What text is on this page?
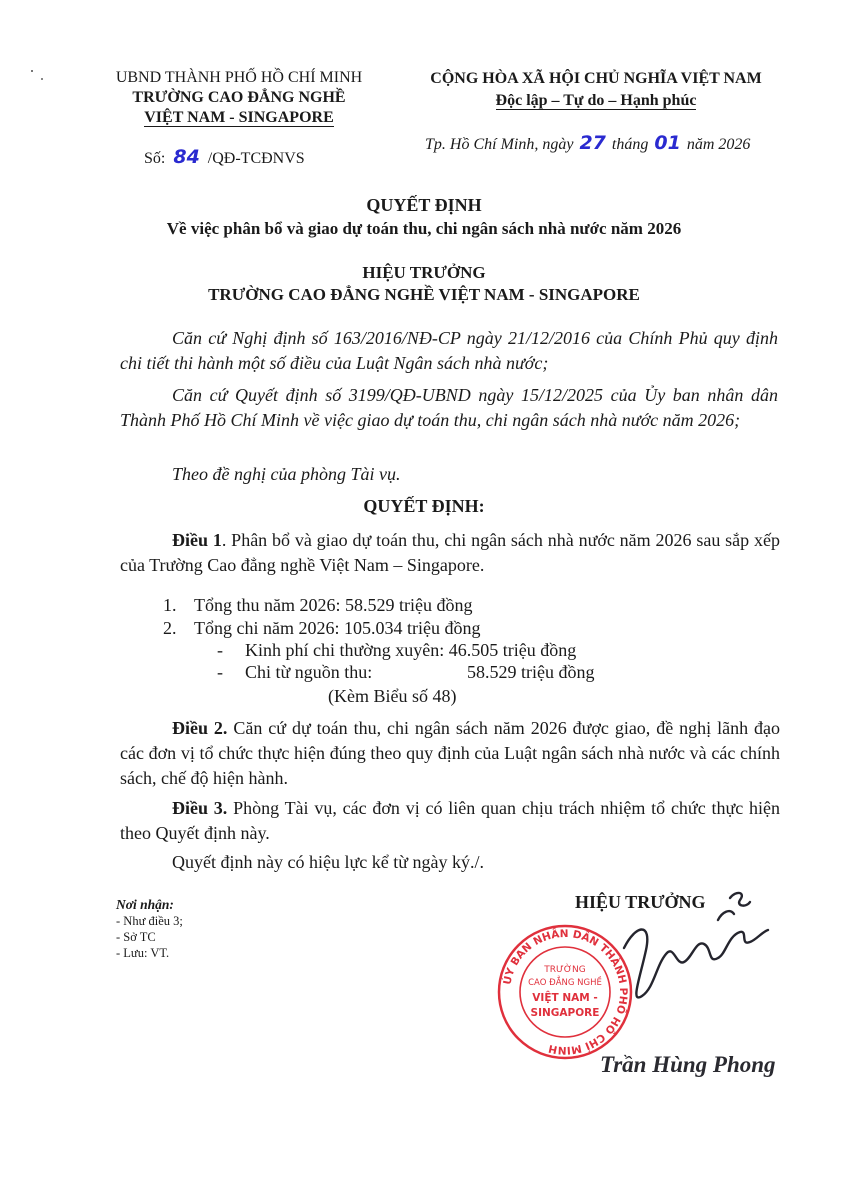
UBND THÀNH PHỐ HỒ CHÍ MINH
TRƯỜNG CAO ĐẲNG NGHỀ
VIỆT NAM - SINGAPORE
Số: 84 /QĐ-TCĐNVS
CỘNG HÒA XÃ HỘI CHỦ NGHĨA VIỆT NAM
Độc lập – Tự do – Hạnh phúc
Tp. Hồ Chí Minh, ngày 27 tháng 01 năm 2026
QUYẾT ĐỊNH
Về việc phân bổ và giao dự toán thu, chi ngân sách nhà nước năm 2026
HIỆU TRƯỞNG
TRƯỜNG CAO ĐẲNG NGHỀ VIỆT NAM - SINGAPORE
Căn cứ Nghị định số 163/2016/NĐ-CP ngày 21/12/2016 của Chính Phủ quy định chi tiết thi hành một số điều của Luật Ngân sách nhà nước;
Căn cứ Quyết định số 3199/QĐ-UBND ngày 15/12/2025 của Ủy ban nhân dân Thành Phố Hồ Chí Minh về việc giao dự toán thu, chi ngân sách nhà nước năm 2026;
Theo đề nghị của phòng Tài vụ.
QUYẾT ĐỊNH:
Điều 1. Phân bổ và giao dự toán thu, chi ngân sách nhà nước năm 2026 sau sắp xếp của Trường Cao đẳng nghề Việt Nam – Singapore.
1. Tổng thu năm 2026: 58.529 triệu đồng
2. Tổng chi năm 2026: 105.034 triệu đồng
- Kinh phí chi thường xuyên: 46.505 triệu đồng
- Chi từ nguồn thu:	58.529 triệu đồng
(Kèm Biểu số 48)
Điều 2. Căn cứ dự toán thu, chi ngân sách năm 2026 được giao, đề nghị lãnh đạo các đơn vị tổ chức thực hiện đúng theo quy định của Luật ngân sách nhà nước và các chính sách, chế độ hiện hành.
Điều 3. Phòng Tài vụ, các đơn vị có liên quan chịu trách nhiệm tổ chức thực hiện theo Quyết định này.
Quyết định này có hiệu lực kể từ ngày ký./.
Nơi nhận:
- Như điều 3;
- Sở TC
- Lưu: VT.
HIỆU TRƯỞNG
ỦY BAN NHÂN DÂN THÀNH PHỐ HỒ CHÍ MINH
TRƯỜNG
CAO ĐẲNG NGHỀ
VIỆT NAM -
SINGAPORE
Trần Hùng Phong
